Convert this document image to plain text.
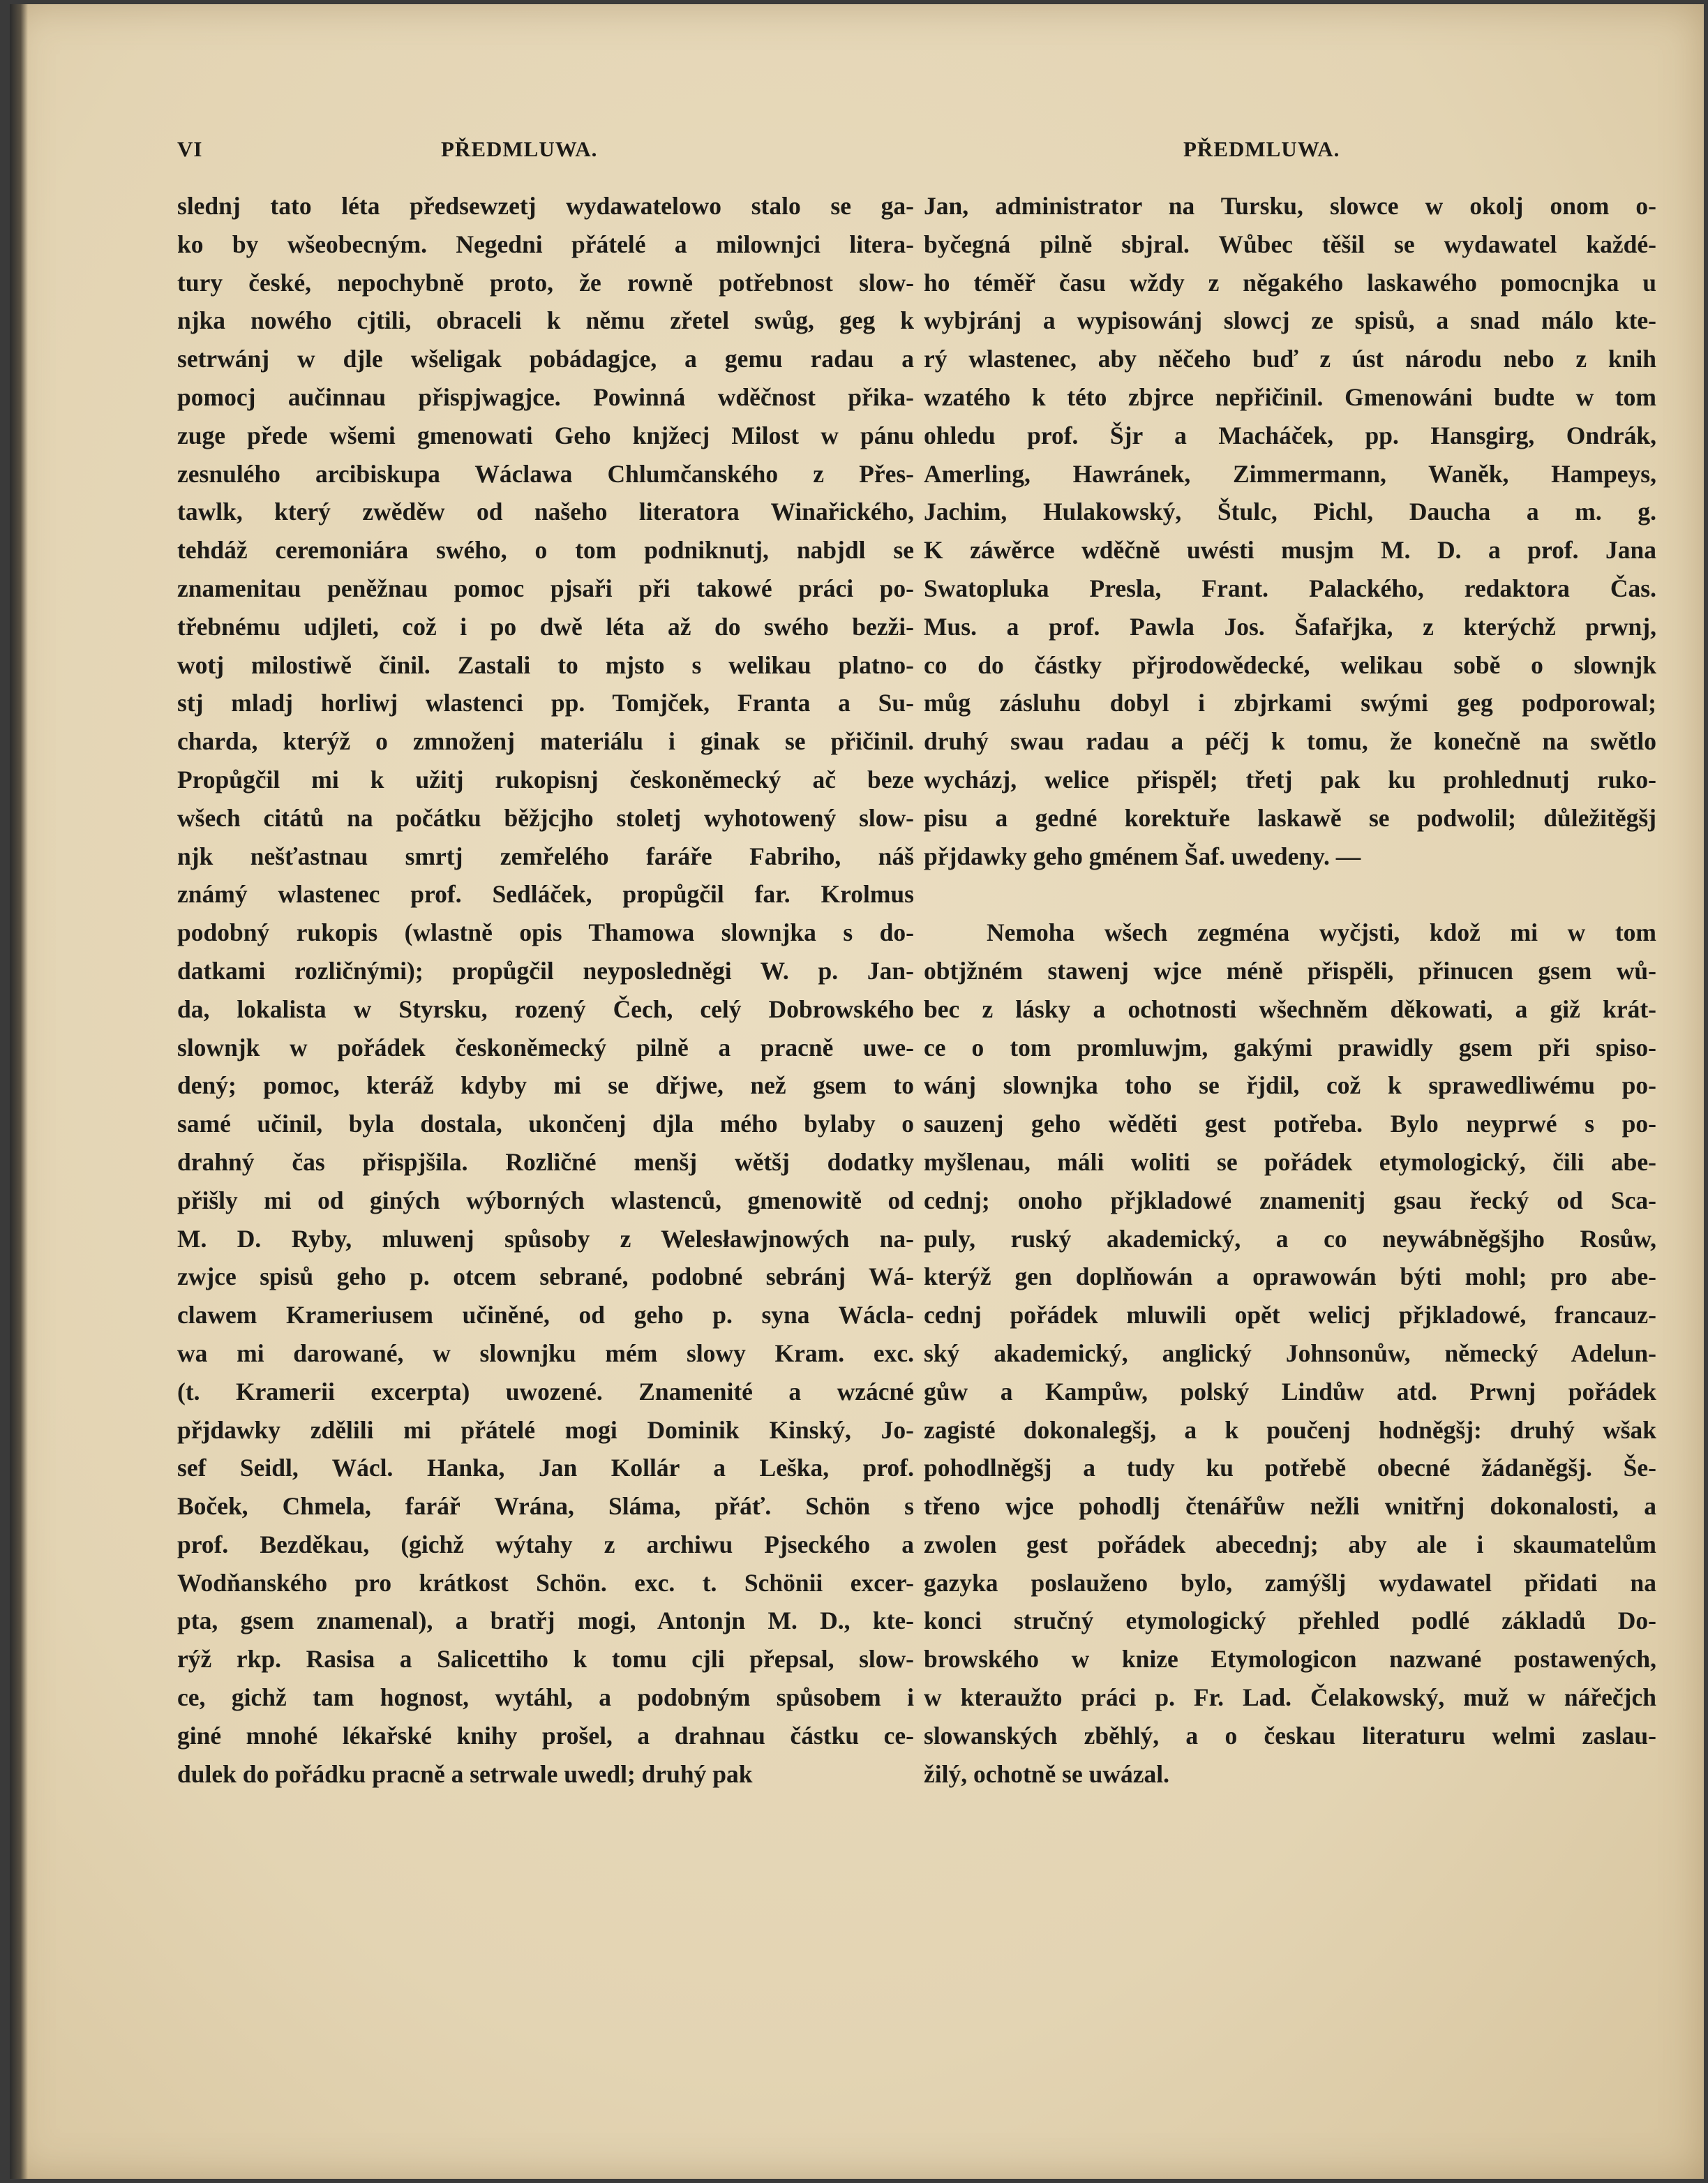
VI	PŘEDMLUWA.	PŘEDMLUWA.
slednj tato léta předsewzetj wydawatelowo stalo se ga-
ko by wšeobecným. Negedni přátelé a milownjci litera-
tury české, nepochybně proto, že rowně potřebnost slow-
njka nowého cjtili, obraceli k němu zřetel swůg, geg k
setrwánj w djle wšeligak pobádagjce, a gemu radau a
pomocj aučinnau přispjwagjce. Powinná wděčnost přika-
zuge přede wšemi gmenowati Geho knjžecj Milost w pánu
zesnulého arcibiskupa Wáclawa Chlumčanského z Přes-
tawlk, který zwěděw od našeho literatora Winařického,
tehdáž ceremoniára swého, o tom podniknutj, nabjdl se
znamenitau peněžnau pomoc pjsaři při takowé práci po-
třebnému udjleti, což i po dwě léta až do swého bezži-
wotj milostiwě činil. Zastali to mjsto s welikau platno-
stj mladj horliwj wlastenci pp. Tomjček, Franta a Su-
charda, kterýž o zmnoženj materiálu i ginak se přičinil.
Propůgčil mi k užitj rukopisnj českoněmecký ač beze
wšech citátů na počátku běžjcjho stoletj wyhotowený slow-
njk nešťastnau smrtj zemřelého faráře Fabriho, náš
známý wlastenec prof. Sedláček, propůgčil far. Krolmus
podobný rukopis (wlastně opis Thamowa slownjka s do-
datkami rozličnými); propůgčil neyposledněgi W. p. Jan-
da, lokalista w Styrsku, rozený Čech, celý Dobrowského
slownjk w pořádek českoněmecký pilně a pracně uwe-
dený; pomoc, kteráž kdyby mi se dřjwe, než gsem to
samé učinil, byla dostala, ukončenj djla mého bylaby o
drahný čas přispjšila. Rozličné menšj wětšj dodatky
přišly mi od giných wýborných wlastenců, gmenowitě od
M. D. Ryby, mluwenj spůsoby z Welesławjnowých na-
zwjce spisů geho p. otcem sebrané, podobné sebránj Wá-
clawem Krameriusem učiněné, od geho p. syna Wácla-
wa mi darowané, w slownjku mém slowy Kram. exc.
(t. Kramerii excerpta) uwozené. Znamenité a wzácné
přjdawky zdělili mi přátelé mogi Dominik Kinský, Jo-
sef Seidl, Wácl. Hanka, Jan Kollár a Leška, prof.
Boček, Chmela, farář Wrána, Sláma, přáť. Schön s
prof. Bezděkau, (gichž wýtahy z archiwu Pjseckého a
Wodňanského pro krátkost Schön. exc. t. Schönii excer-
pta, gsem znamenal), a bratřj mogi, Antonjn M. D., kte-
rýž rkp. Rasisa a Salicettiho k tomu cjli přepsal, slow-
ce, gichž tam hognost, wytáhl, a podobným spůsobem i
giné mnohé lékařské knihy prošel, a drahnau částku ce-
dulek do pořádku pracně a setrwale uwedl; druhý pak
Jan, administrator na Tursku, slowce w okolj onom o-
byčegná pilně sbjral. Wůbec těšil se wydawatel každé-
ho téměř času wždy z něgakého laskawého pomocnjka u
wybjránj a wypisowánj slowcj ze spisů, a snad málo kte-
rý wlastenec, aby něčeho buď z úst národu nebo z knih
wzatého k této zbjrce nepřičinil. Gmenowáni budte w tom
ohledu prof. Šjr a Macháček, pp. Hansgirg, Ondrák,
Amerling, Hawránek, Zimmermann, Waněk, Hampeys,
Jachim, Hulakowský, Štulc, Pichl, Daucha a m. g.
K záwěrce wděčně uwésti musjm M. D. a prof. Jana
Swatopluka Presla, Frant. Palackého, redaktora Čas.
Mus. a prof. Pawla Jos. Šafařjka, z kterýchž prwnj,
co do částky přjrodowědecké, welikau sobě o slownjk
můg zásluhu dobyl i zbjrkami swými geg podporowal;
druhý swau radau a péčj k tomu, že konečně na swětlo
wycházj, welice přispěl; třetj pak ku prohlednutj ruko-
pisu a gedné korektuře laskawě se podwolil; důležitěgšj
přjdawky geho gménem Šaf. uwedeny. —
Nemoha wšech zegména wyčjsti, kdož mi w tom
obtjžném stawenj wjce méně přispěli, přinucen gsem wů-
bec z lásky a ochotnosti wšechněm děkowati, a giž krát-
ce o tom promluwjm, gakými prawidly gsem při spiso-
wánj slownjka toho se řjdil, což k sprawedliwému po-
sauzenj geho wěděti gest potřeba. Bylo neyprwé s po-
myšlenau, máli woliti se pořádek etymologický, čili abe-
cednj; onoho přjkladowé znamenitj gsau řecký od Sca-
puly, ruský akademický, a co neywábněgšjho Rosůw,
kterýž gen doplňowán a oprawowán býti mohl; pro abe-
cednj pořádek mluwili opět welicj přjkladowé, francauz-
ský akademický, anglický Johnsonůw, německý Adelun-
gůw a Kampůw, polský Lindůw atd. Prwnj pořádek
zagisté dokonalegšj, a k poučenj hodněgšj: druhý wšak
pohodlněgšj a tudy ku potřebě obecné žádaněgšj. Še-
třeno wjce pohodlj čtenářůw nežli wnitřnj dokonalosti, a
zwolen gest pořádek abecednj; aby ale i skaumatelům
gazyka poslauženo bylo, zamýšlj wydawatel přidati na
konci stručný etymologický přehled podlé základů Do-
browského w knize Etymologicon nazwané postawených,
w kteraužto práci p. Fr. Lad. Čelakowský, muž w nářečjch
slowanských zběhlý, a o českau literaturu welmi zaslau-
žilý, ochotně se uwázal.
